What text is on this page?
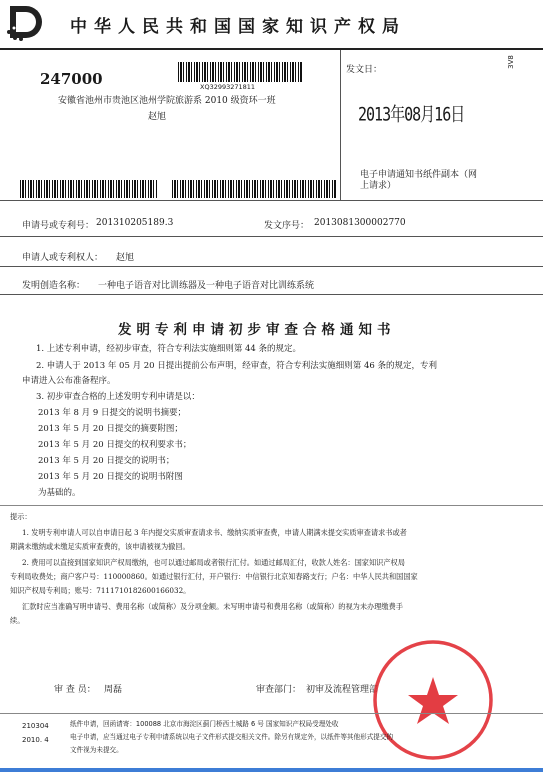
中华人民共和国国家知识产权局
XQ32993271811
247000
安徽省池州市贵池区池州学院旅游系 2010 级资环一班
赵旭
发文日：
2013年08月16日
3V8
电子申请通知书纸件副本（网上请求）
申请号或专利号： 201310205189.3	发文序号： 2013081300002770
申请人或专利权人： 赵旭
发明创造名称： 一种电子语音对比训练器及一种电子语音对比训练系统
发明专利申请初步审查合格通知书
1. 上述专利申请，经初步审查，符合专利法实施细则第 44 条的规定。
2. 申请人于 2013 年 05 月 20 日提出提前公布声明，经审查，符合专利法实施细则第 46 条的规定，专利
申请进入公布准备程序。
3. 初步审查合格的上述发明专利申请是以：
2013 年 8 月 9 日提交的说明书摘要；
2013 年 5 月 20 日提交的摘要附图；
2013 年 5 月 20 日提交的权利要求书；
2013 年 5 月 20 日提交的说明书；
2013 年 5 月 20 日提交的说明书附图
为基础的。
提示：
1. 发明专利申请人可以自申请日起 3 年内提交实质审查请求书、缴纳实质审查费，申请人期满未提交实质审查请求书或者
期满未缴纳或未缴足实质审查费的，该申请被视为撤回。
2. 费用可以直接到国家知识产权局缴纳，也可以通过邮局或者银行汇付。如通过邮局汇付，收款人姓名：国家知识产权局
专利局收费处；商户客户号：110000860。如通过银行汇付，开户银行：中信银行北京知春路支行；户名：中华人民共和国国家
知识产权局专利局；账号：7111710182600166032。
汇款时应当准确写明申请号、费用名称（或简称）及分项金额。未写明申请号和费用名称（或简称）的视为未办理缴费手
续。
审 查 员： 周磊	审查部门： 初审及流程管理部
210304
2010. 4
纸件申请，回函请寄：100088 北京市海淀区蓟门桥西土城路 6 号 国家知识产权局受理处收
电子申请，应当通过电子专利申请系统以电子文件形式提交相关文件。除另有规定外，以纸件等其他形式提交的
文件视为未提交。
